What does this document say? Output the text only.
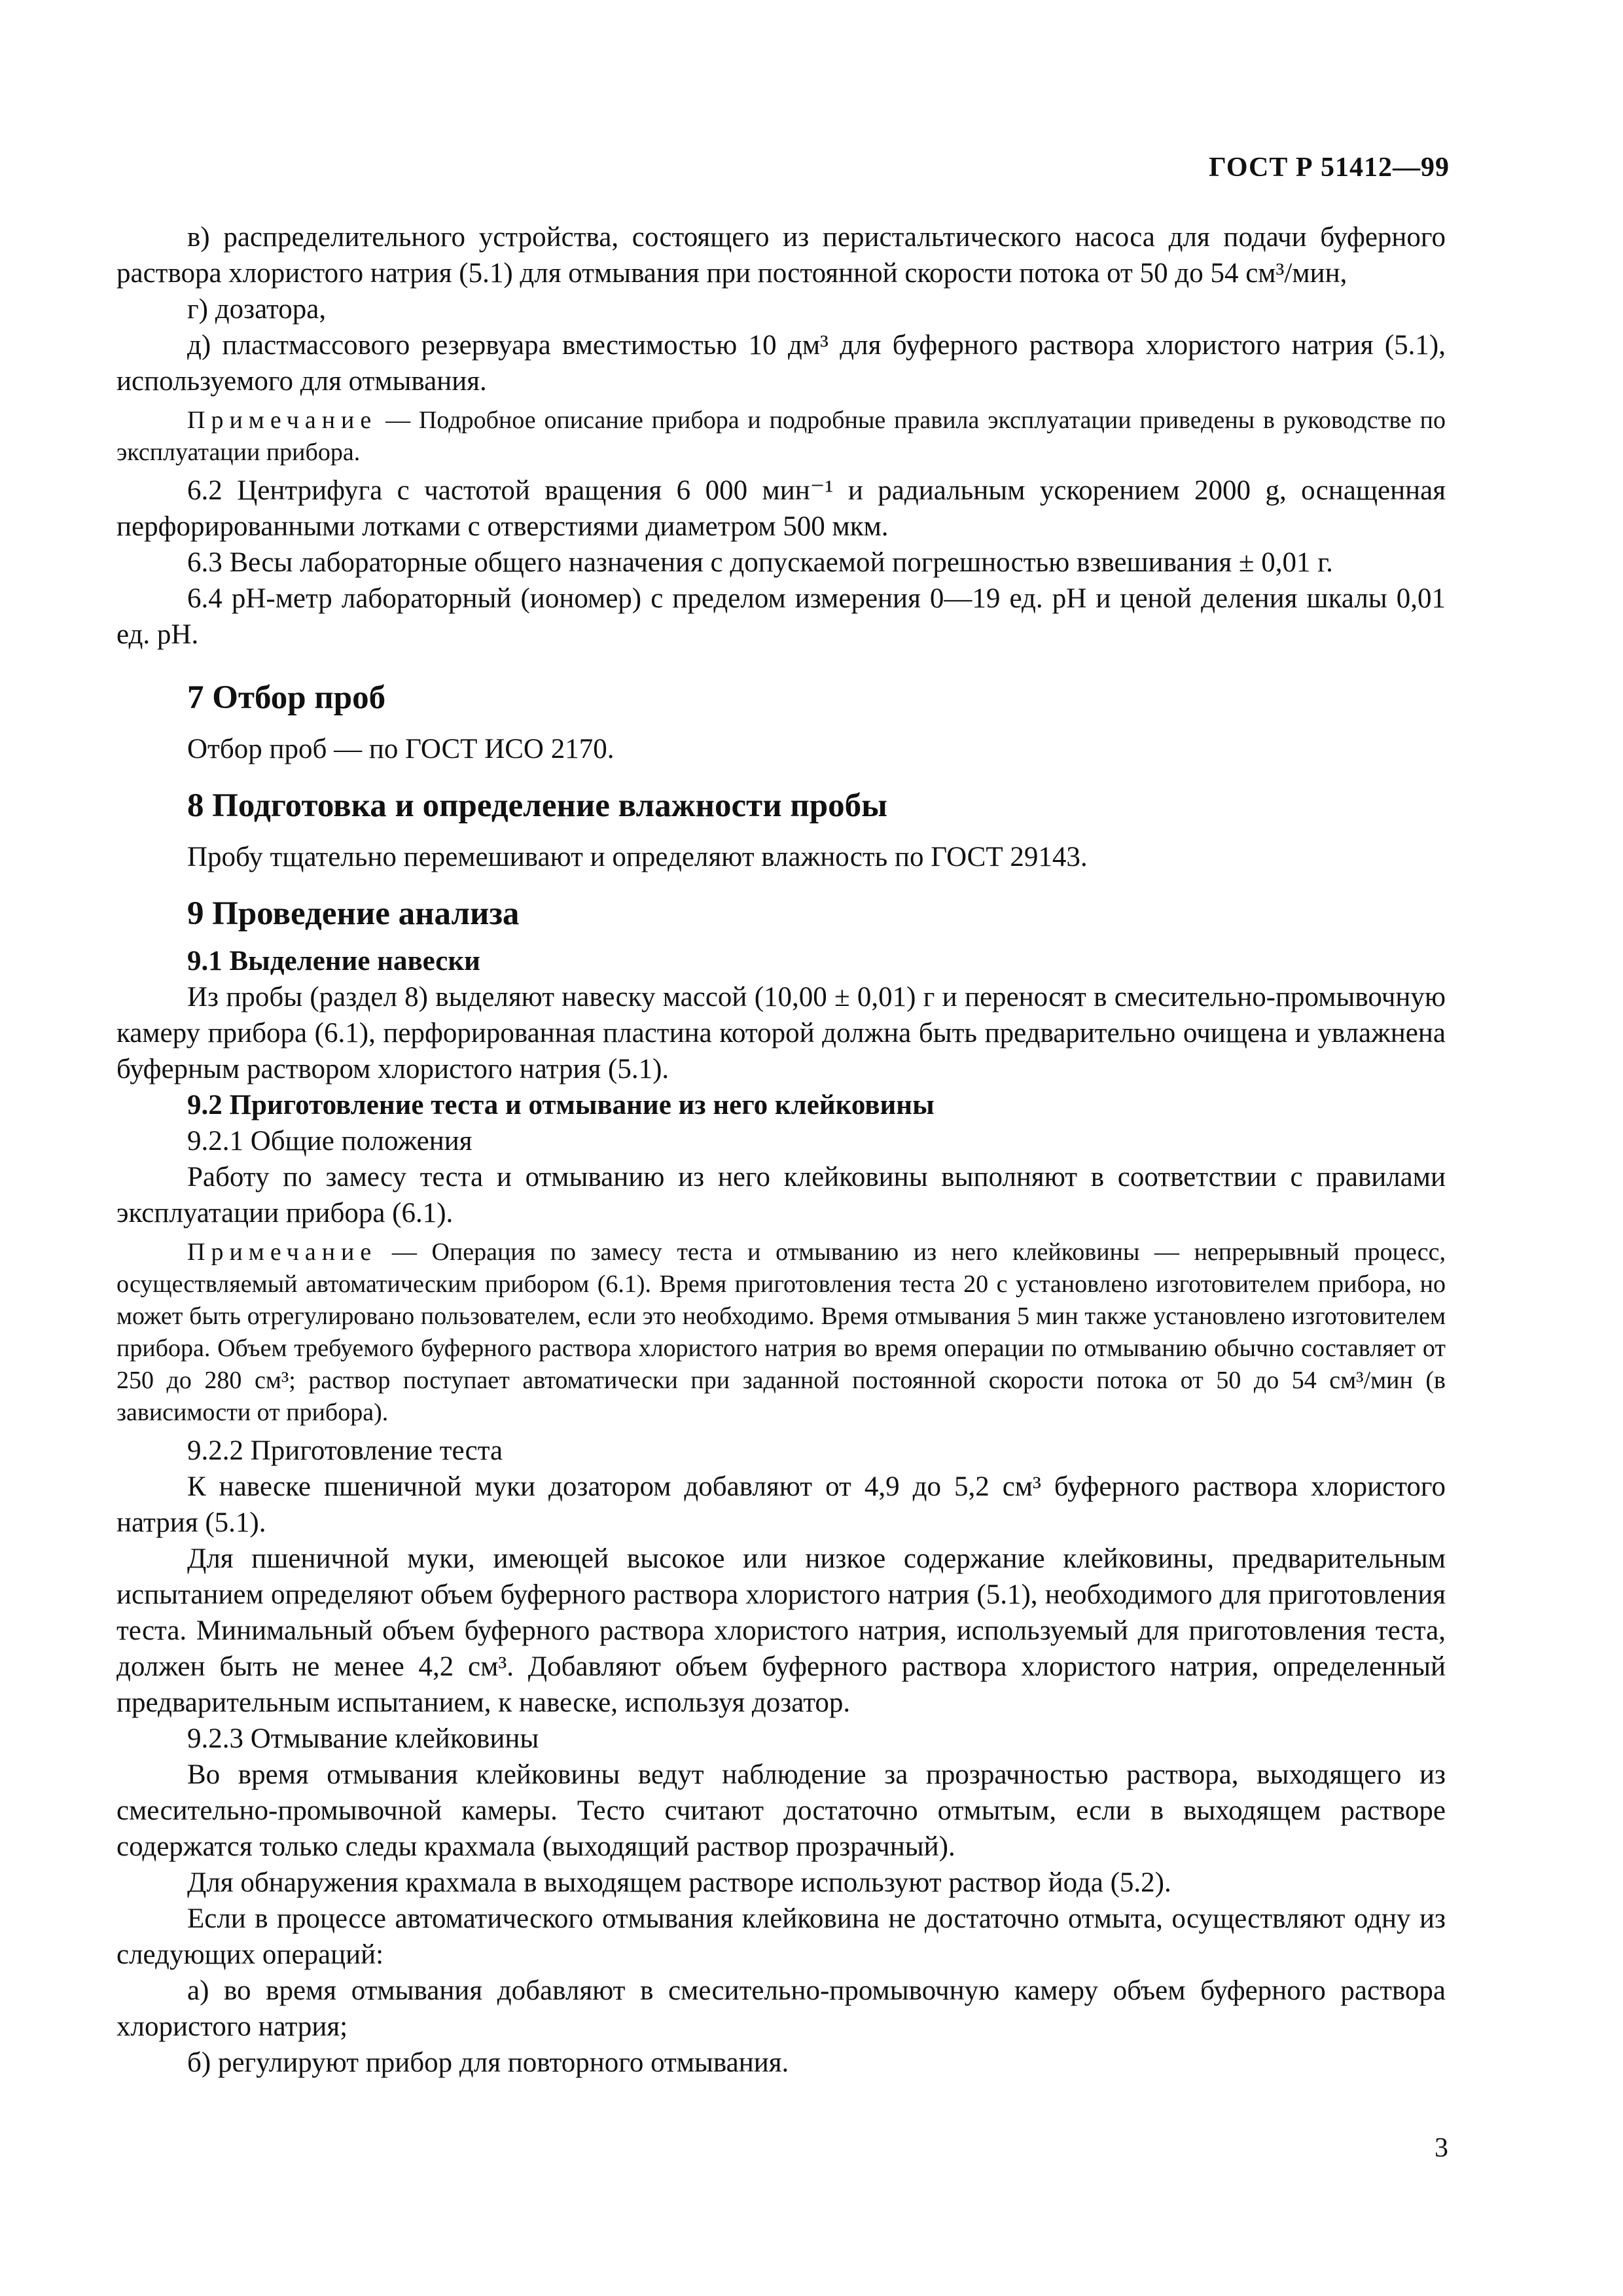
ГОСТ Р 51412—99

в) распределительного устройства, состоящего из перистальтического насоса для подачи буферного раствора хлористого натрия (5.1) для отмывания при постоянной скорости потока от 50 до 54 см³/мин,

г) дозатора,

д) пластмассового резервуара вместимостью 10 дм³ для буферного раствора хлористого натрия (5.1), используемого для отмывания.

Примечание — Подробное описание прибора и подробные правила эксплуатации приведены в руководстве по эксплуатации прибора.

6.2 Центрифуга с частотой вращения 6 000 мин⁻¹ и радиальным ускорением 2000 g, оснащенная перфорированными лотками с отверстиями диаметром 500 мкм.

6.3 Весы лабораторные общего назначения с допускаемой погрешностью взвешивания ± 0,01 г.

6.4 рН-метр лабораторный (иономер) с пределом измерения 0—19 ед. рН и ценой деления шкалы 0,01 ед. рН.

7 Отбор проб

Отбор проб — по ГОСТ ИСО 2170.

8 Подготовка и определение влажности пробы

Пробу тщательно перемешивают и определяют влажность по ГОСТ 29143.

9 Проведение анализа

9.1 Выделение навески

Из пробы (раздел 8) выделяют навеску массой (10,00 ± 0,01) г и переносят в смесительно-промывочную камеру прибора (6.1), перфорированная пластина которой должна быть предварительно очищена и увлажнена буферным раствором хлористого натрия (5.1).

9.2 Приготовление теста и отмывание из него клейковины

9.2.1 Общие положения

Работу по замесу теста и отмыванию из него клейковины выполняют в соответствии с правилами эксплуатации прибора (6.1).

Примечание — Операция по замесу теста и отмыванию из него клейковины — непрерывный процесс, осуществляемый автоматическим прибором (6.1). Время приготовления теста 20 с установлено изготовителем прибора, но может быть отрегулировано пользователем, если это необходимо. Время отмывания 5 мин также установлено изготовителем прибора. Объем требуемого буферного раствора хлористого натрия во время операции по отмыванию обычно составляет от 250 до 280 см³; раствор поступает автоматически при заданной постоянной скорости потока от 50 до 54 см³/мин (в зависимости от прибора).

9.2.2 Приготовление теста

К навеске пшеничной муки дозатором добавляют от 4,9 до 5,2 см³ буферного раствора хлористого натрия (5.1).

Для пшеничной муки, имеющей высокое или низкое содержание клейковины, предварительным испытанием определяют объем буферного раствора хлористого натрия (5.1), необходимого для приготовления теста. Минимальный объем буферного раствора хлористого натрия, используемый для приготовления теста, должен быть не менее 4,2 см³. Добавляют объем буферного раствора хлористого натрия, определенный предварительным испытанием, к навеске, используя дозатор.

9.2.3 Отмывание клейковины

Во время отмывания клейковины ведут наблюдение за прозрачностью раствора, выходящего из смесительно-промывочной камеры. Тесто считают достаточно отмытым, если в выходящем растворе содержатся только следы крахмала (выходящий раствор прозрачный).

Для обнаружения крахмала в выходящем растворе используют раствор йода (5.2).

Если в процессе автоматического отмывания клейковина не достаточно отмыта, осуществляют одну из следующих операций:

а) во время отмывания добавляют в смесительно-промывочную камеру объем буферного раствора хлористого натрия;

б) регулируют прибор для повторного отмывания.

3
